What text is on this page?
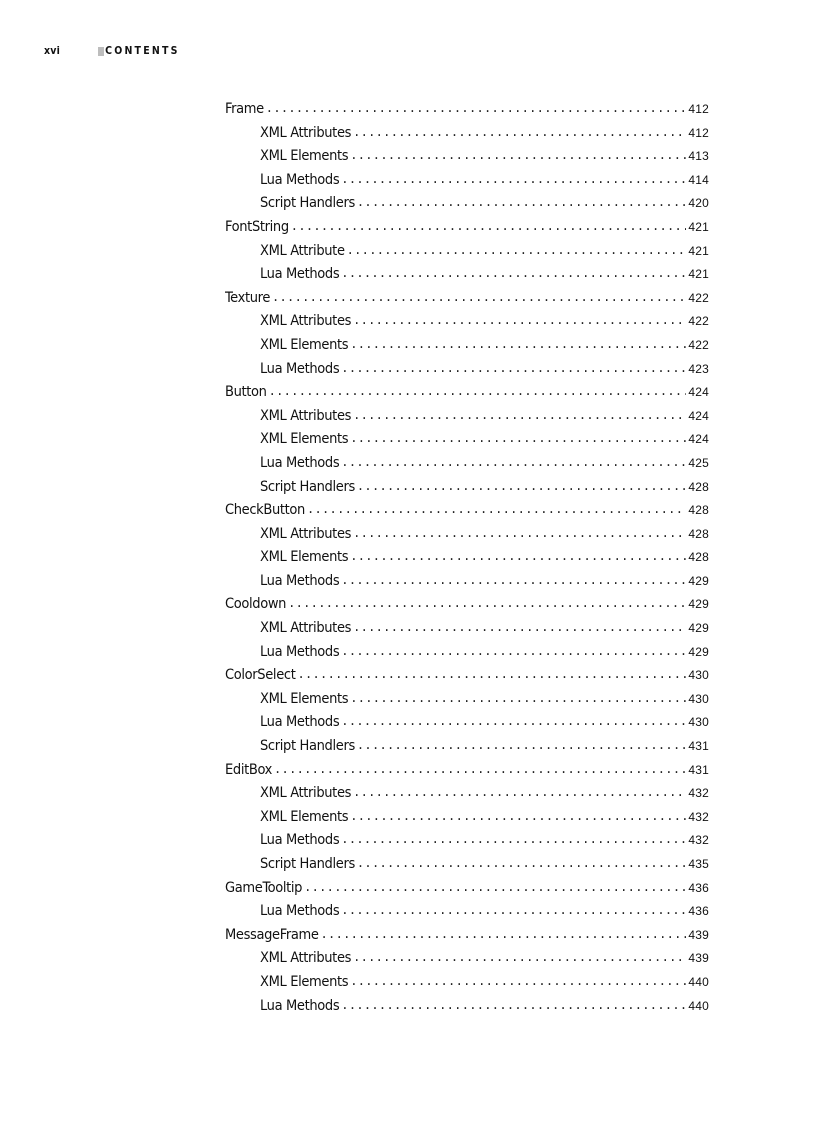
xvi	CONTENTS
Frame .....	412
XML Attributes .....	412
XML Elements .....	413
Lua Methods .....	414
Script Handlers .....	420
FontString .....	421
XML Attribute .....	421
Lua Methods .....	421
Texture .....	422
XML Attributes .....	422
XML Elements .....	422
Lua Methods .....	423
Button .....	424
XML Attributes .....	424
XML Elements .....	424
Lua Methods .....	425
Script Handlers .....	428
CheckButton .....	428
XML Attributes .....	428
XML Elements .....	428
Lua Methods .....	429
Cooldown .....	429
XML Attributes .....	429
Lua Methods .....	429
ColorSelect .....	430
XML Elements .....	430
Lua Methods .....	430
Script Handlers .....	431
EditBox .....	431
XML Attributes .....	432
XML Elements .....	432
Lua Methods .....	432
Script Handlers .....	435
GameTooltip .....	436
Lua Methods .....	436
MessageFrame .....	439
XML Attributes .....	439
XML Elements .....	440
Lua Methods .....	440
